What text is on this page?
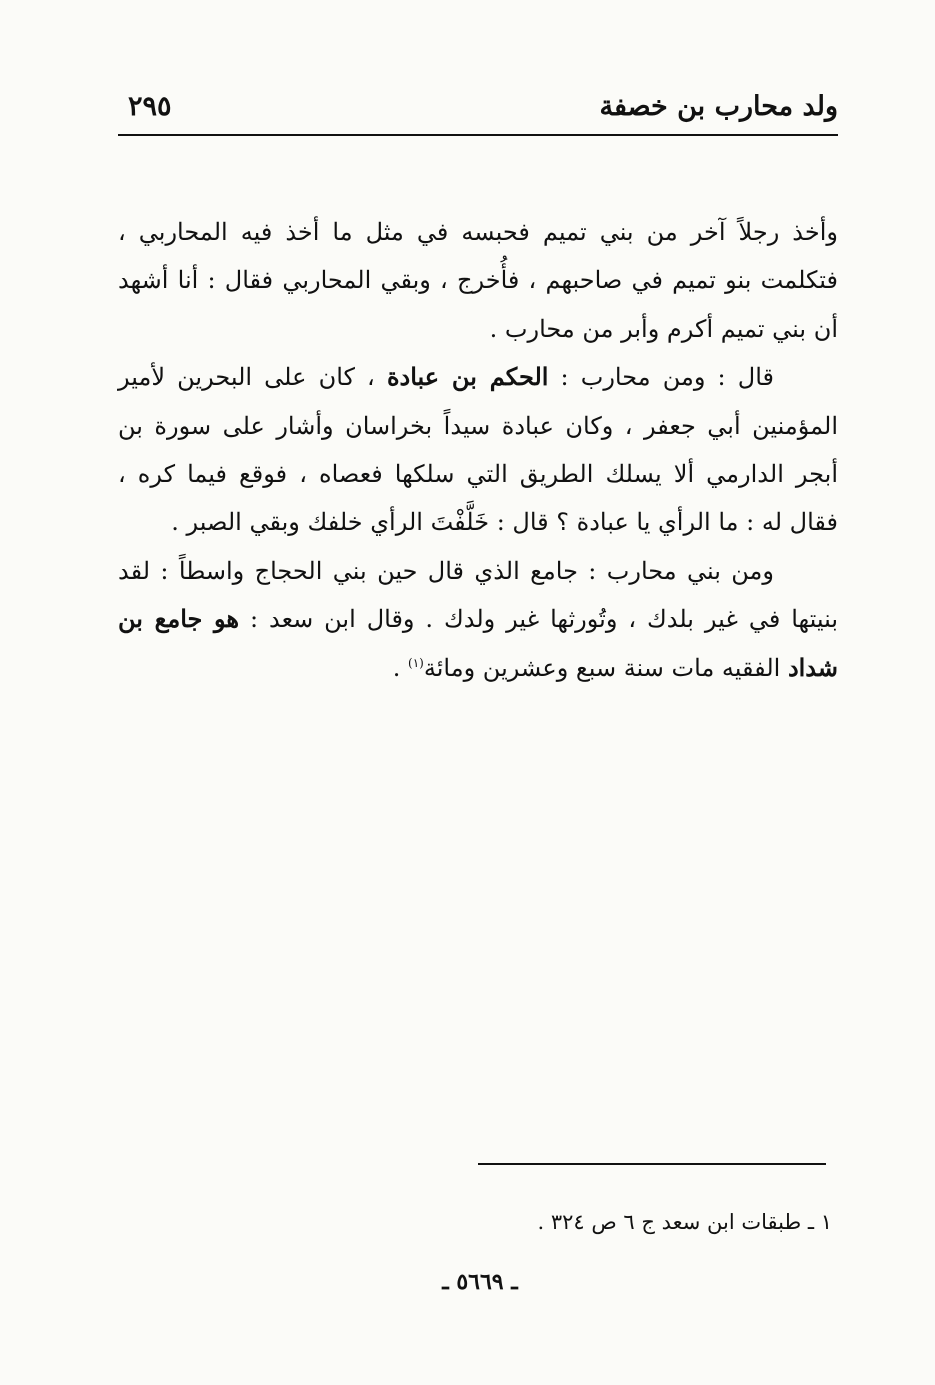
ولد محارب بن خصفة
٢٩٥

وأخذ رجلاً آخر من بني تميم فحبسه في مثل ما أخذ فيه المحاربي ، فتكلمت بنو تميم في صاحبهم ، فأُخرج ، وبقي المحاربي فقال : أنا أشهد أن بني تميم أكرم وأبر من محارب .

قال : ومن محارب : الحكم بن عبادة ، كان على البحرين لأمير المؤمنين أبي جعفر ، وكان عبادة سيداً بخراسان وأشار على سورة بن أبجر الدارمي ألا يسلك الطريق التي سلكها فعصاه ، فوقع فيما كره ، فقال له : ما الرأي يا عبادة ؟ قال : خَلَّفْتَ الرأي خلفك وبقي الصبر .

ومن بني محارب : جامع الذي قال حين بني الحجاج واسطاً : لقد بنيتها في غير بلدك ، وتُورثها غير ولدك . وقال ابن سعد : هو جامع بن شداد الفقيه مات سنة سبع وعشرين ومائة$^{(١)}$ .

١ ـ طبقات ابن سعد ج ٦ ص ٣٢٤ .
ـ ٥٦٦٩ ـ
